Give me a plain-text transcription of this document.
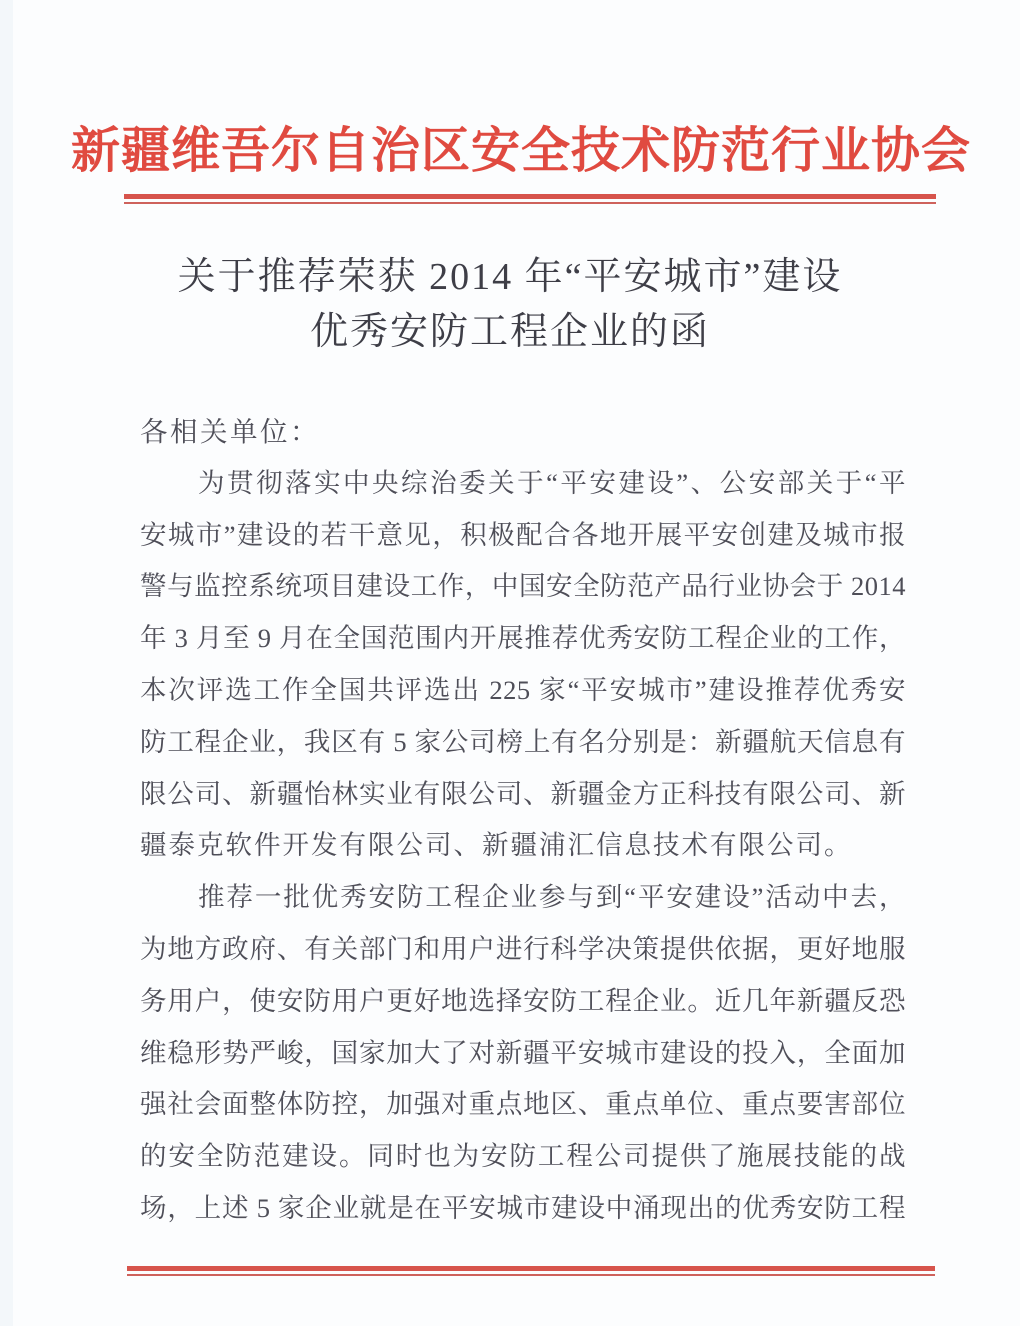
新疆维吾尔自治区安全技术防范行业协会
关于推荐荣获 2014 年“平安城市”建设
优秀安防工程企业的函
各相关单位：
为贯彻落实中央综治委关于“平安建设”、公安部关于“平
安城市”建设的若干意见，积极配合各地开展平安创建及城市报
警与监控系统项目建设工作，中国安全防范产品行业协会于 2014
年 3 月至 9 月在全国范围内开展推荐优秀安防工程企业的工作，
本次评选工作全国共评选出 225 家“平安城市”建设推荐优秀安
防工程企业，我区有 5 家公司榜上有名分别是：新疆航天信息有
限公司、新疆怡林实业有限公司、新疆金方正科技有限公司、新
疆泰克软件开发有限公司、新疆浦汇信息技术有限公司。
推荐一批优秀安防工程企业参与到“平安建设”活动中去，
为地方政府、有关部门和用户进行科学决策提供依据，更好地服
务用户，使安防用户更好地选择安防工程企业。近几年新疆反恐
维稳形势严峻，国家加大了对新疆平安城市建设的投入，全面加
强社会面整体防控，加强对重点地区、重点单位、重点要害部位
的安全防范建设。同时也为安防工程公司提供了施展技能的战
场，上述 5 家企业就是在平安城市建设中涌现出的优秀安防工程
